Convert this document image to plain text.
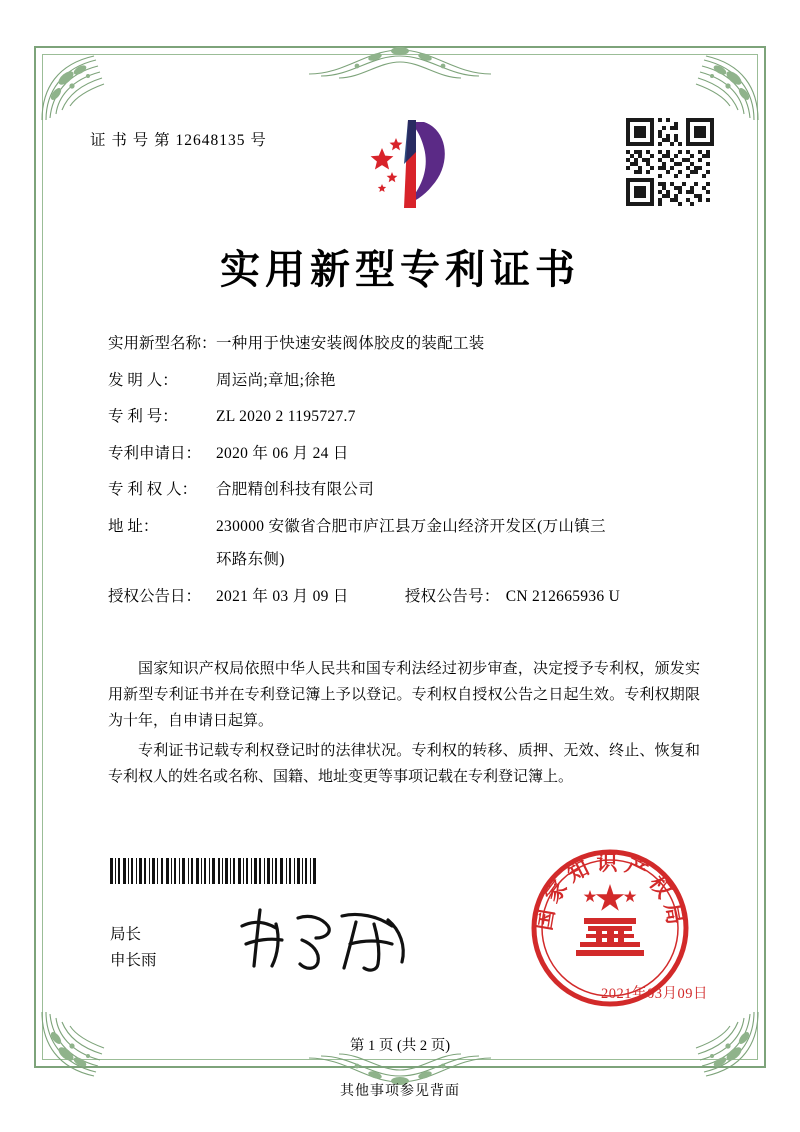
证 书 号 第 12648135 号
实用新型专利证书
实用新型名称： 一种用于快速安装阀体胶皮的装配工装
发 明 人：	周运尚;章旭;徐艳
专 利 号：	ZL 2020 2 1195727.7
专利申请日： 2020 年 06 月 24 日
专 利 权 人：	合肥精创科技有限公司
地 址：	230000 安徽省合肥市庐江县万金山经济开发区(万山镇三
环路东侧)
授权公告日： 2021 年 03 月 09 日	授权公告号： CN 212665936 U

国家知识产权局依照中华人民共和国专利法经过初步审查，决定授予专利权，颁发实用新型专利证书并在专利登记簿上予以登记。专利权自授权公告之日起生效。专利权期限为十年，自申请日起算。

专利证书记载专利权登记时的法律状况。专利权的转移、质押、无效、终止、恢复和专利权人的姓名或名称、国籍、地址变更等事项记载在专利登记簿上。

局长
申长雨
国家知识产权局
2021年03月09日
第 1 页 (共 2 页)
其他事项参见背面
